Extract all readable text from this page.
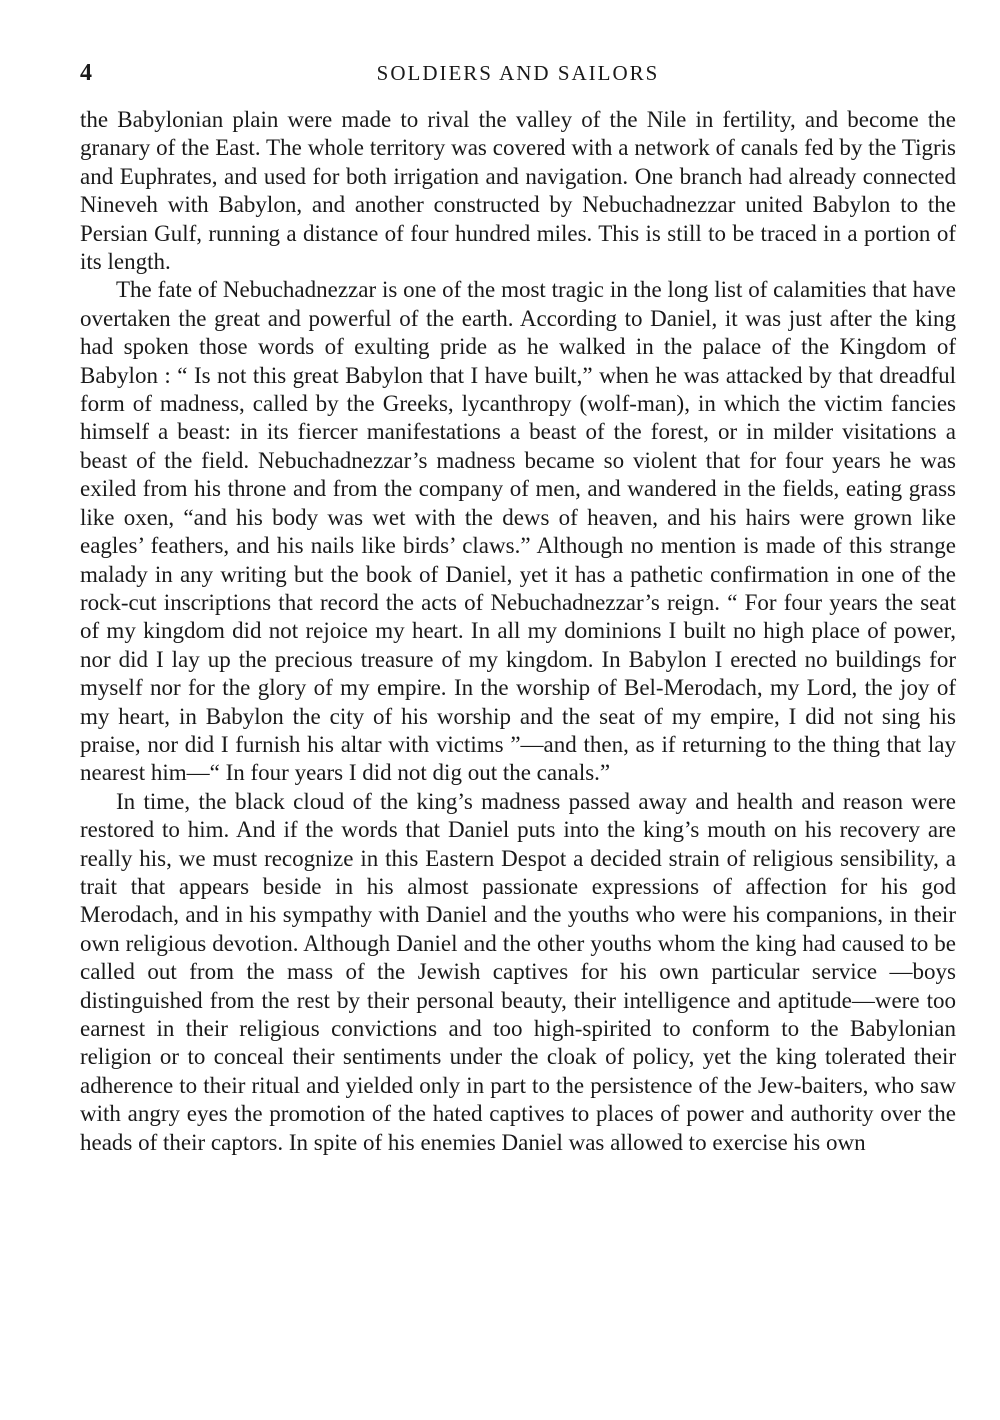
4	SOLDIERS AND SAILORS

the Babylonian plain were made to rival the valley of the Nile in fertility, and become the granary of the East. The whole territory was covered with a network of canals fed by the Tigris and Euphrates, and used for both irrigation and navigation. One branch had already connected Nineveh with Babylon, and another constructed by Nebuchadnezzar united Babylon to the Persian Gulf, running a distance of four hundred miles. This is still to be traced in a portion of its length.

The fate of Nebuchadnezzar is one of the most tragic in the long list of calamities that have overtaken the great and powerful of the earth. According to Daniel, it was just after the king had spoken those words of exulting pride as he walked in the palace of the Kingdom of Babylon : “ Is not this great Babylon that I have built,” when he was attacked by that dreadful form of madness, called by the Greeks, lycanthropy (wolf-man), in which the victim fancies himself a beast: in its fiercer manifestations a beast of the forest, or in milder visitations a beast of the field. Nebuchadnezzar’s madness became so violent that for four years he was exiled from his throne and from the company of men, and wandered in the fields, eating grass like oxen, “and his body was wet with the dews of heaven, and his hairs were grown like eagles’ feathers, and his nails like birds’ claws.” Although no mention is made of this strange malady in any writing but the book of Daniel, yet it has a pathetic confirmation in one of the rock-cut inscriptions that record the acts of Nebuchadnezzar’s reign. “ For four years the seat of my kingdom did not rejoice my heart. In all my dominions I built no high place of power, nor did I lay up the precious treasure of my kingdom. In Babylon I erected no buildings for myself nor for the glory of my empire. In the worship of Bel-Merodach, my Lord, the joy of my heart, in Babylon the city of his worship and the seat of my empire, I did not sing his praise, nor did I furnish his altar with victims ”—and then, as if returning to the thing that lay nearest him—“ In four years I did not dig out the canals.”

In time, the black cloud of the king’s madness passed away and health and reason were restored to him. And if the words that Daniel puts into the king’s mouth on his recovery are really his, we must recognize in this Eastern Despot a decided strain of religious sensibility, a trait that appears beside in his almost passionate expressions of affection for his god Merodach, and in his sympathy with Daniel and the youths who were his companions, in their own religious devotion. Although Daniel and the other youths whom the king had caused to be called out from the mass of the Jewish captives for his own particular service —boys distinguished from the rest by their personal beauty, their intelligence and aptitude—were too earnest in their religious convictions and too high-spirited to conform to the Babylonian religion or to conceal their sentiments under the cloak of policy, yet the king tolerated their adherence to their ritual and yielded only in part to the persistence of the Jew-baiters, who saw with angry eyes the promotion of the hated captives to places of power and authority over the heads of their captors. In spite of his enemies Daniel was allowed to exercise his own
